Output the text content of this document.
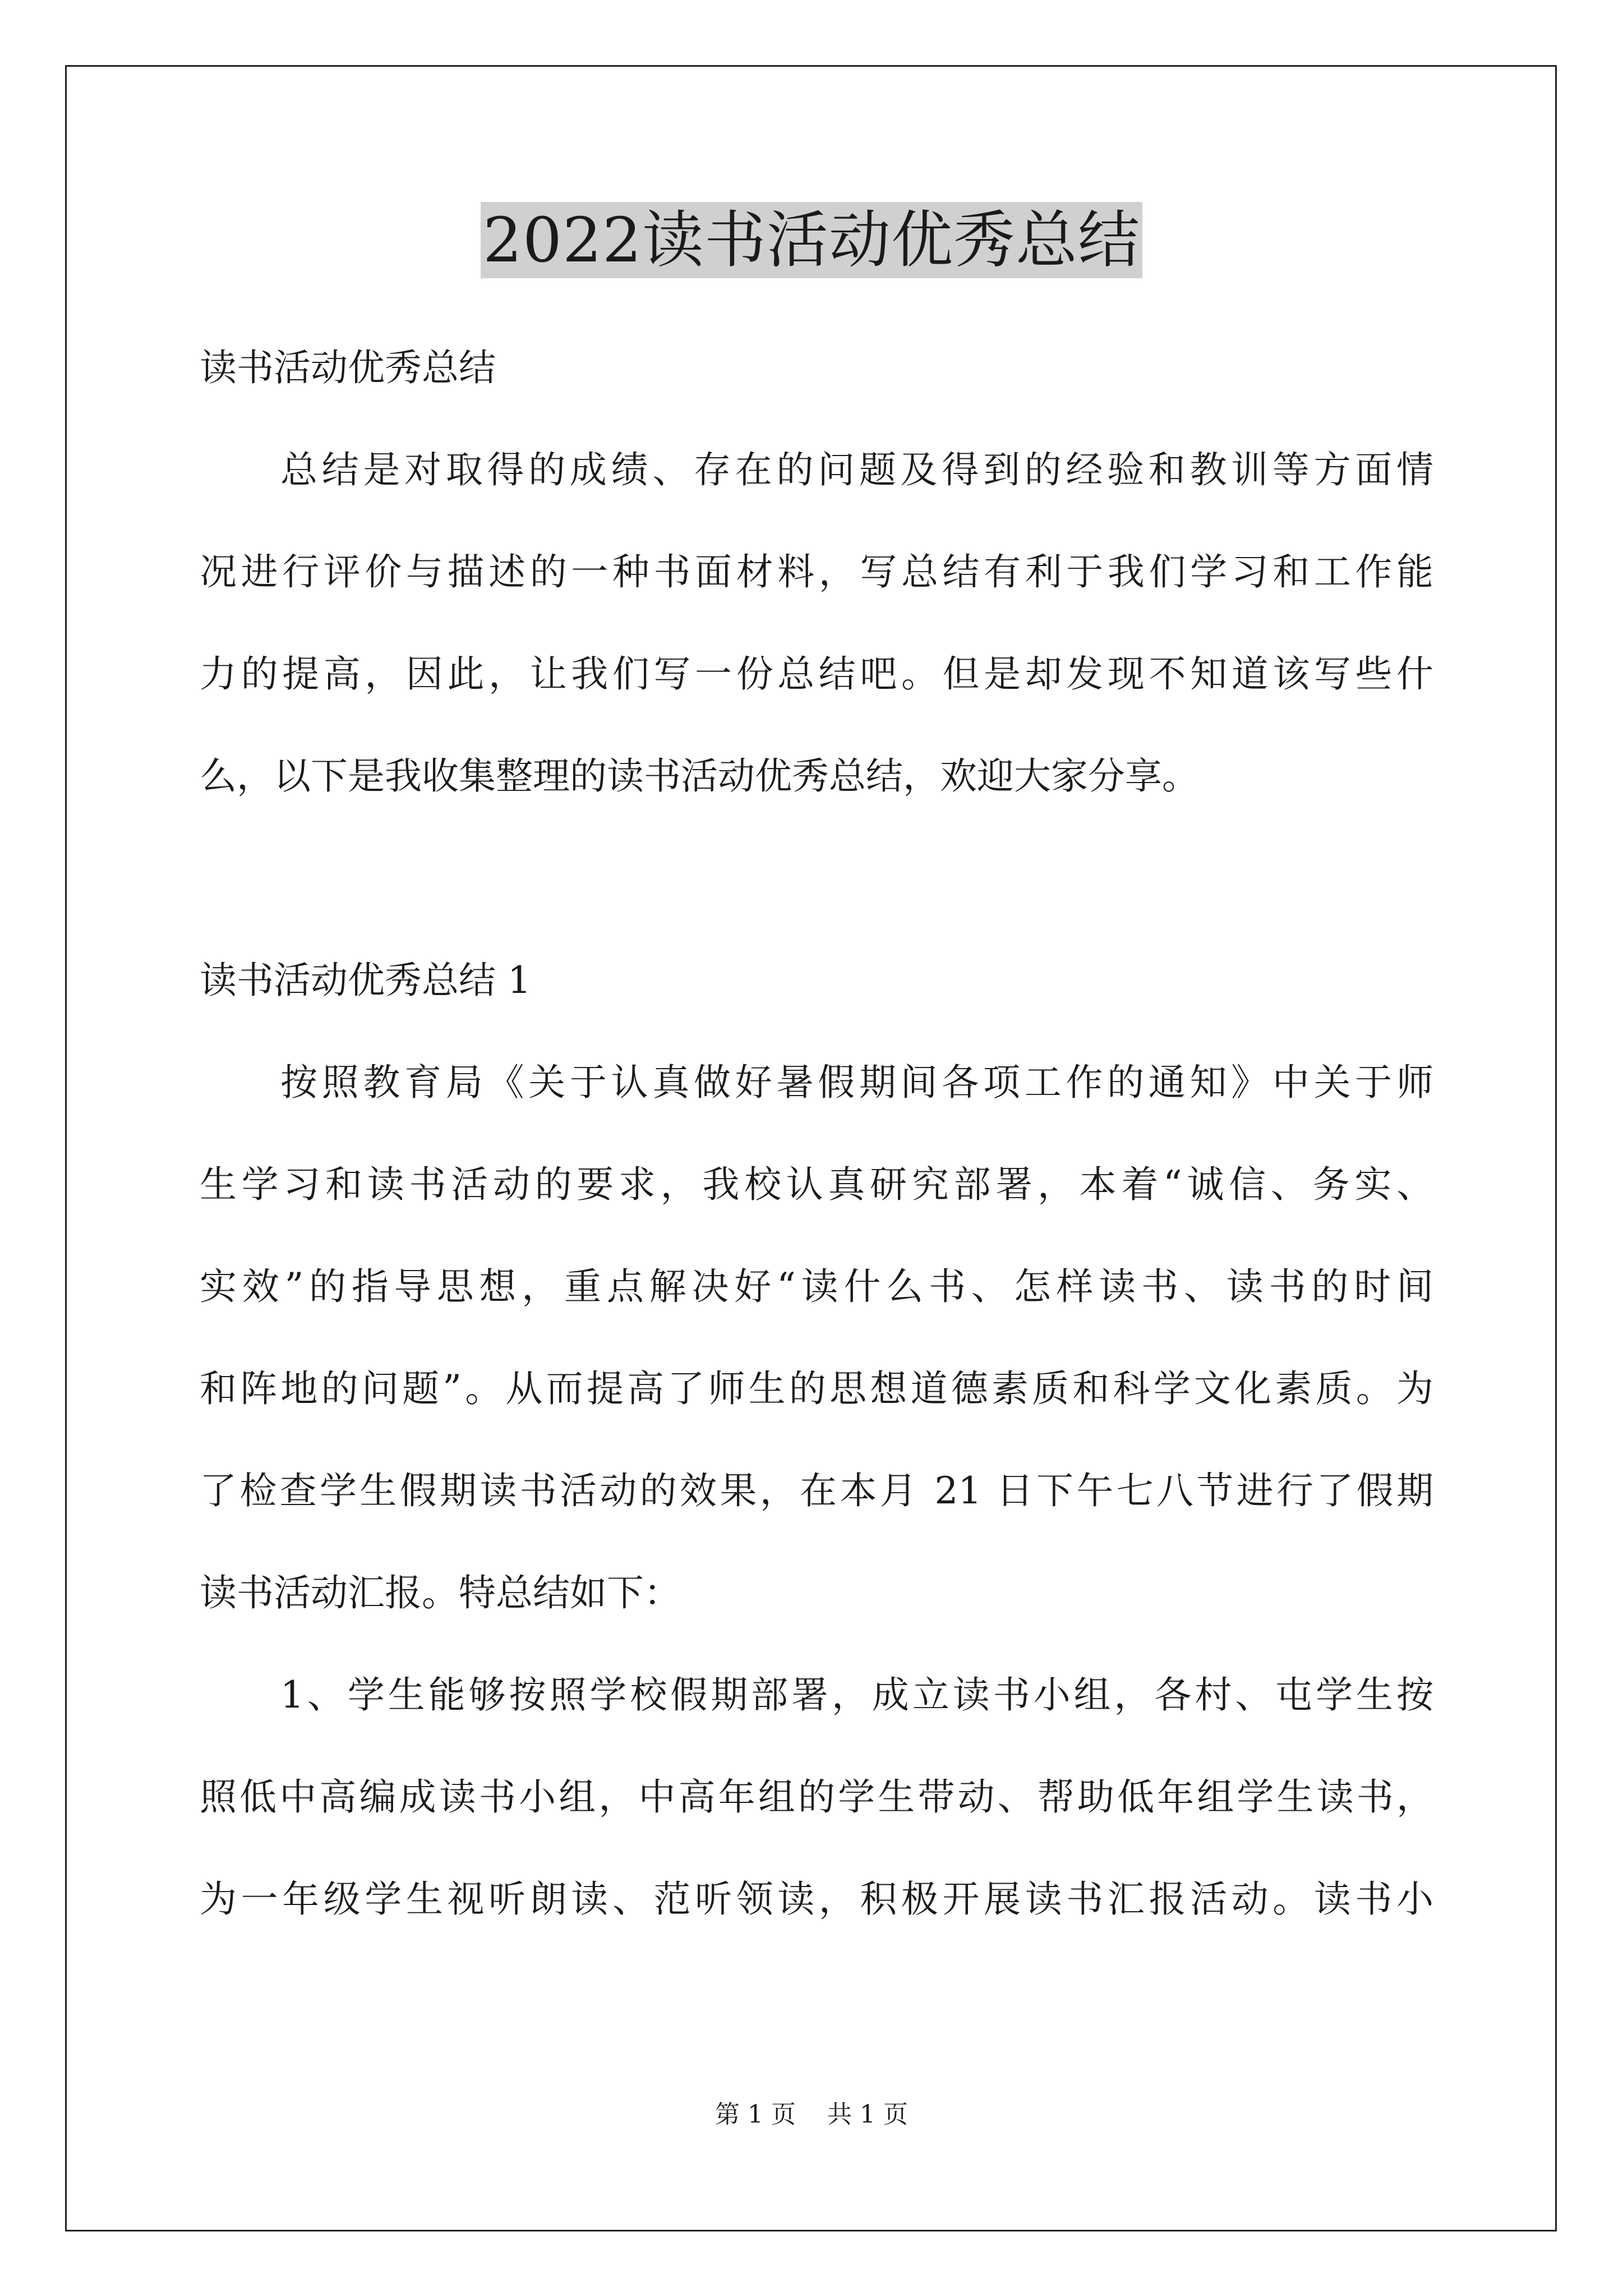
2022读书活动优秀总结
读书活动优秀总结
总结是对取得的成绩、存在的问题及得到的经验和教训等方面情
况进行评价与描述的一种书面材料，写总结有利于我们学习和工作能
力的提高，因此，让我们写一份总结吧。但是却发现不知道该写些什
么，以下是我收集整理的读书活动优秀总结，欢迎大家分享。
读书活动优秀总结 1
按照教育局《关于认真做好暑假期间各项工作的通知》中关于师
生学习和读书活动的要求，我校认真研究部署，本着“诚信、务实、
实效”的指导思想，重点解决好“读什么书、怎样读书、读书的时间
和阵地的问题”。从而提高了师生的思想道德素质和科学文化素质。为
了检查学生假期读书活动的效果，在本月 21 日下午七八节进行了假期
读书活动汇报。特总结如下：
1、学生能够按照学校假期部署，成立读书小组，各村、屯学生按
照低中高编成读书小组，中高年组的学生带动、帮助低年组学生读书，
为一年级学生视听朗读、范听领读，积极开展读书汇报活动。读书小
第 1 页 共 1 页
